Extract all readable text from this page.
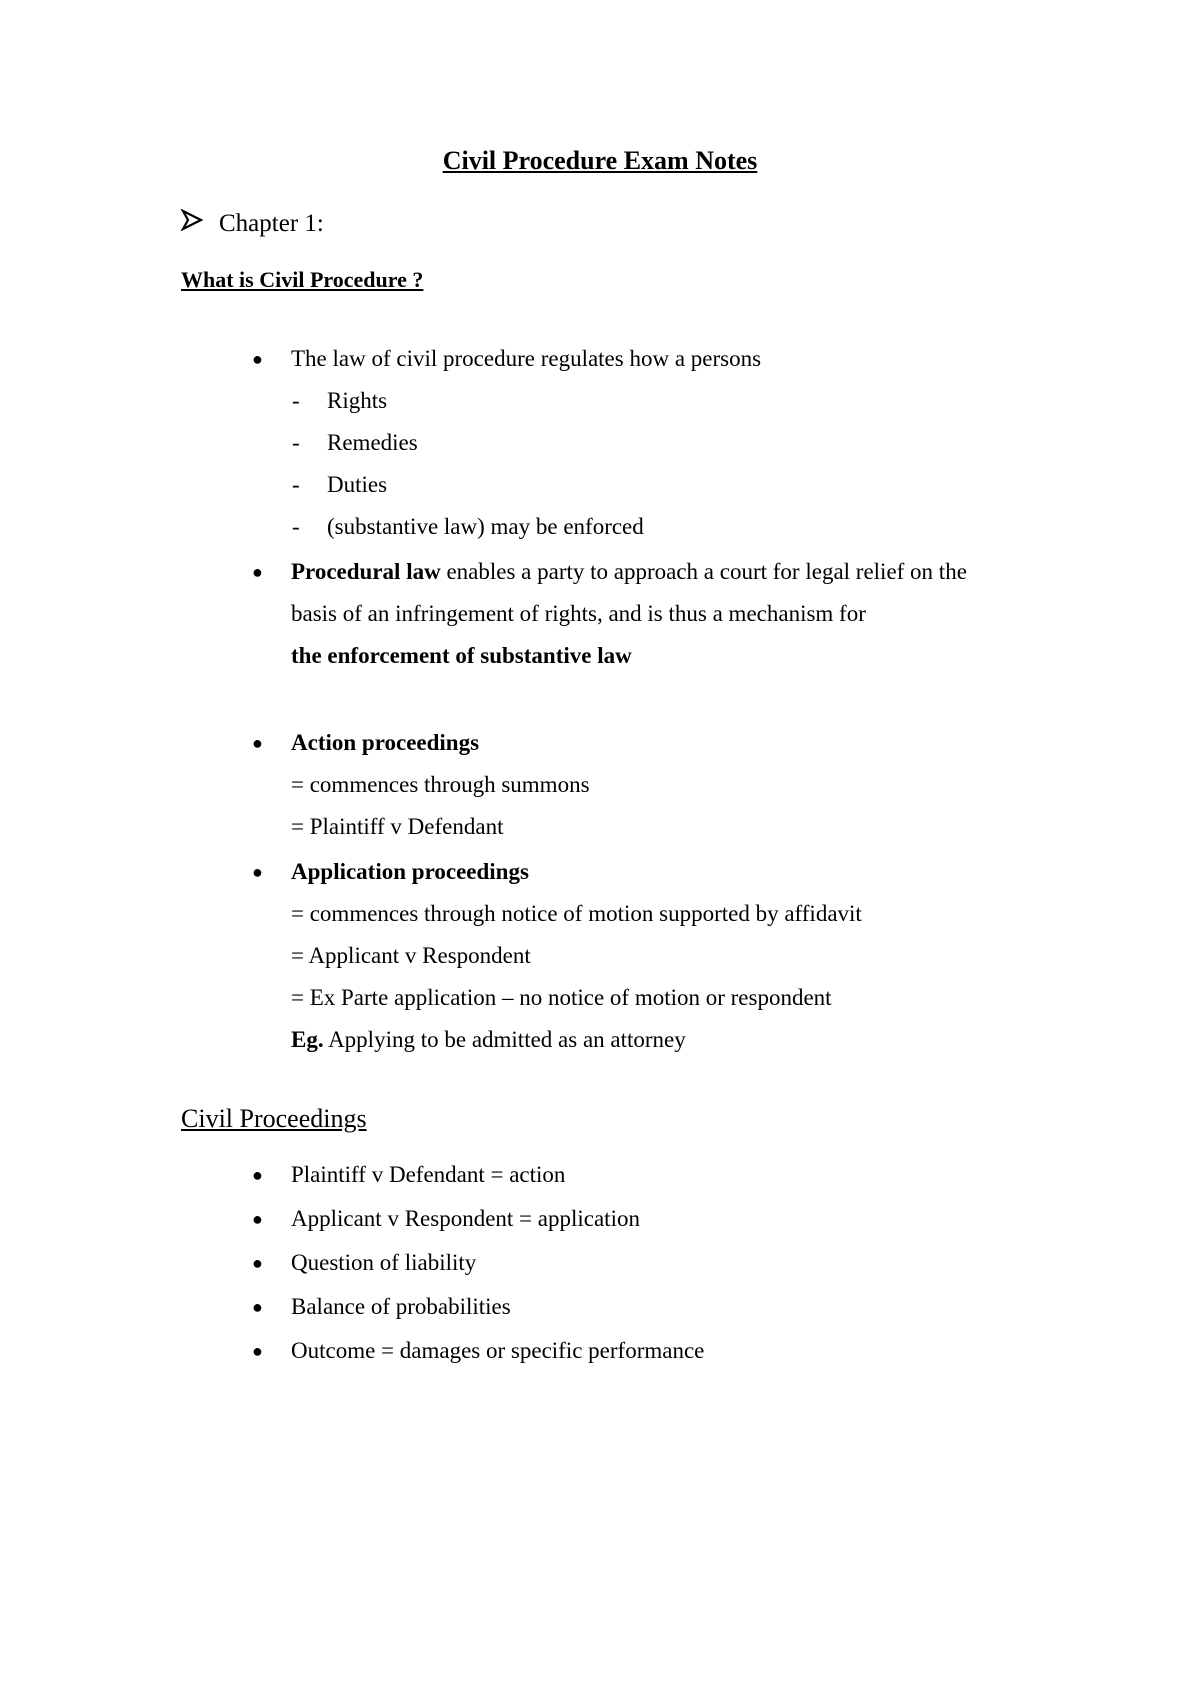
Civil Procedure Exam Notes
Chapter 1:
What is Civil Procedure ?
● The law of civil procedure regulates how a persons
- Rights
- Remedies
- Duties
- (substantive law) may be enforced
● Procedural law enables a party to approach a court for legal relief on the
basis of an infringement of rights, and is thus a mechanism for
the enforcement of substantive law
● Action proceedings
= commences through summons
= Plaintiff v Defendant
● Application proceedings
= commences through notice of motion supported by affidavit
= Applicant v Respondent
= Ex Parte application – no notice of motion or respondent
Eg. Applying to be admitted as an attorney
Civil Proceedings
● Plaintiff v Defendant = action
● Applicant v Respondent = application
● Question of liability
● Balance of probabilities
● Outcome = damages or specific performance
